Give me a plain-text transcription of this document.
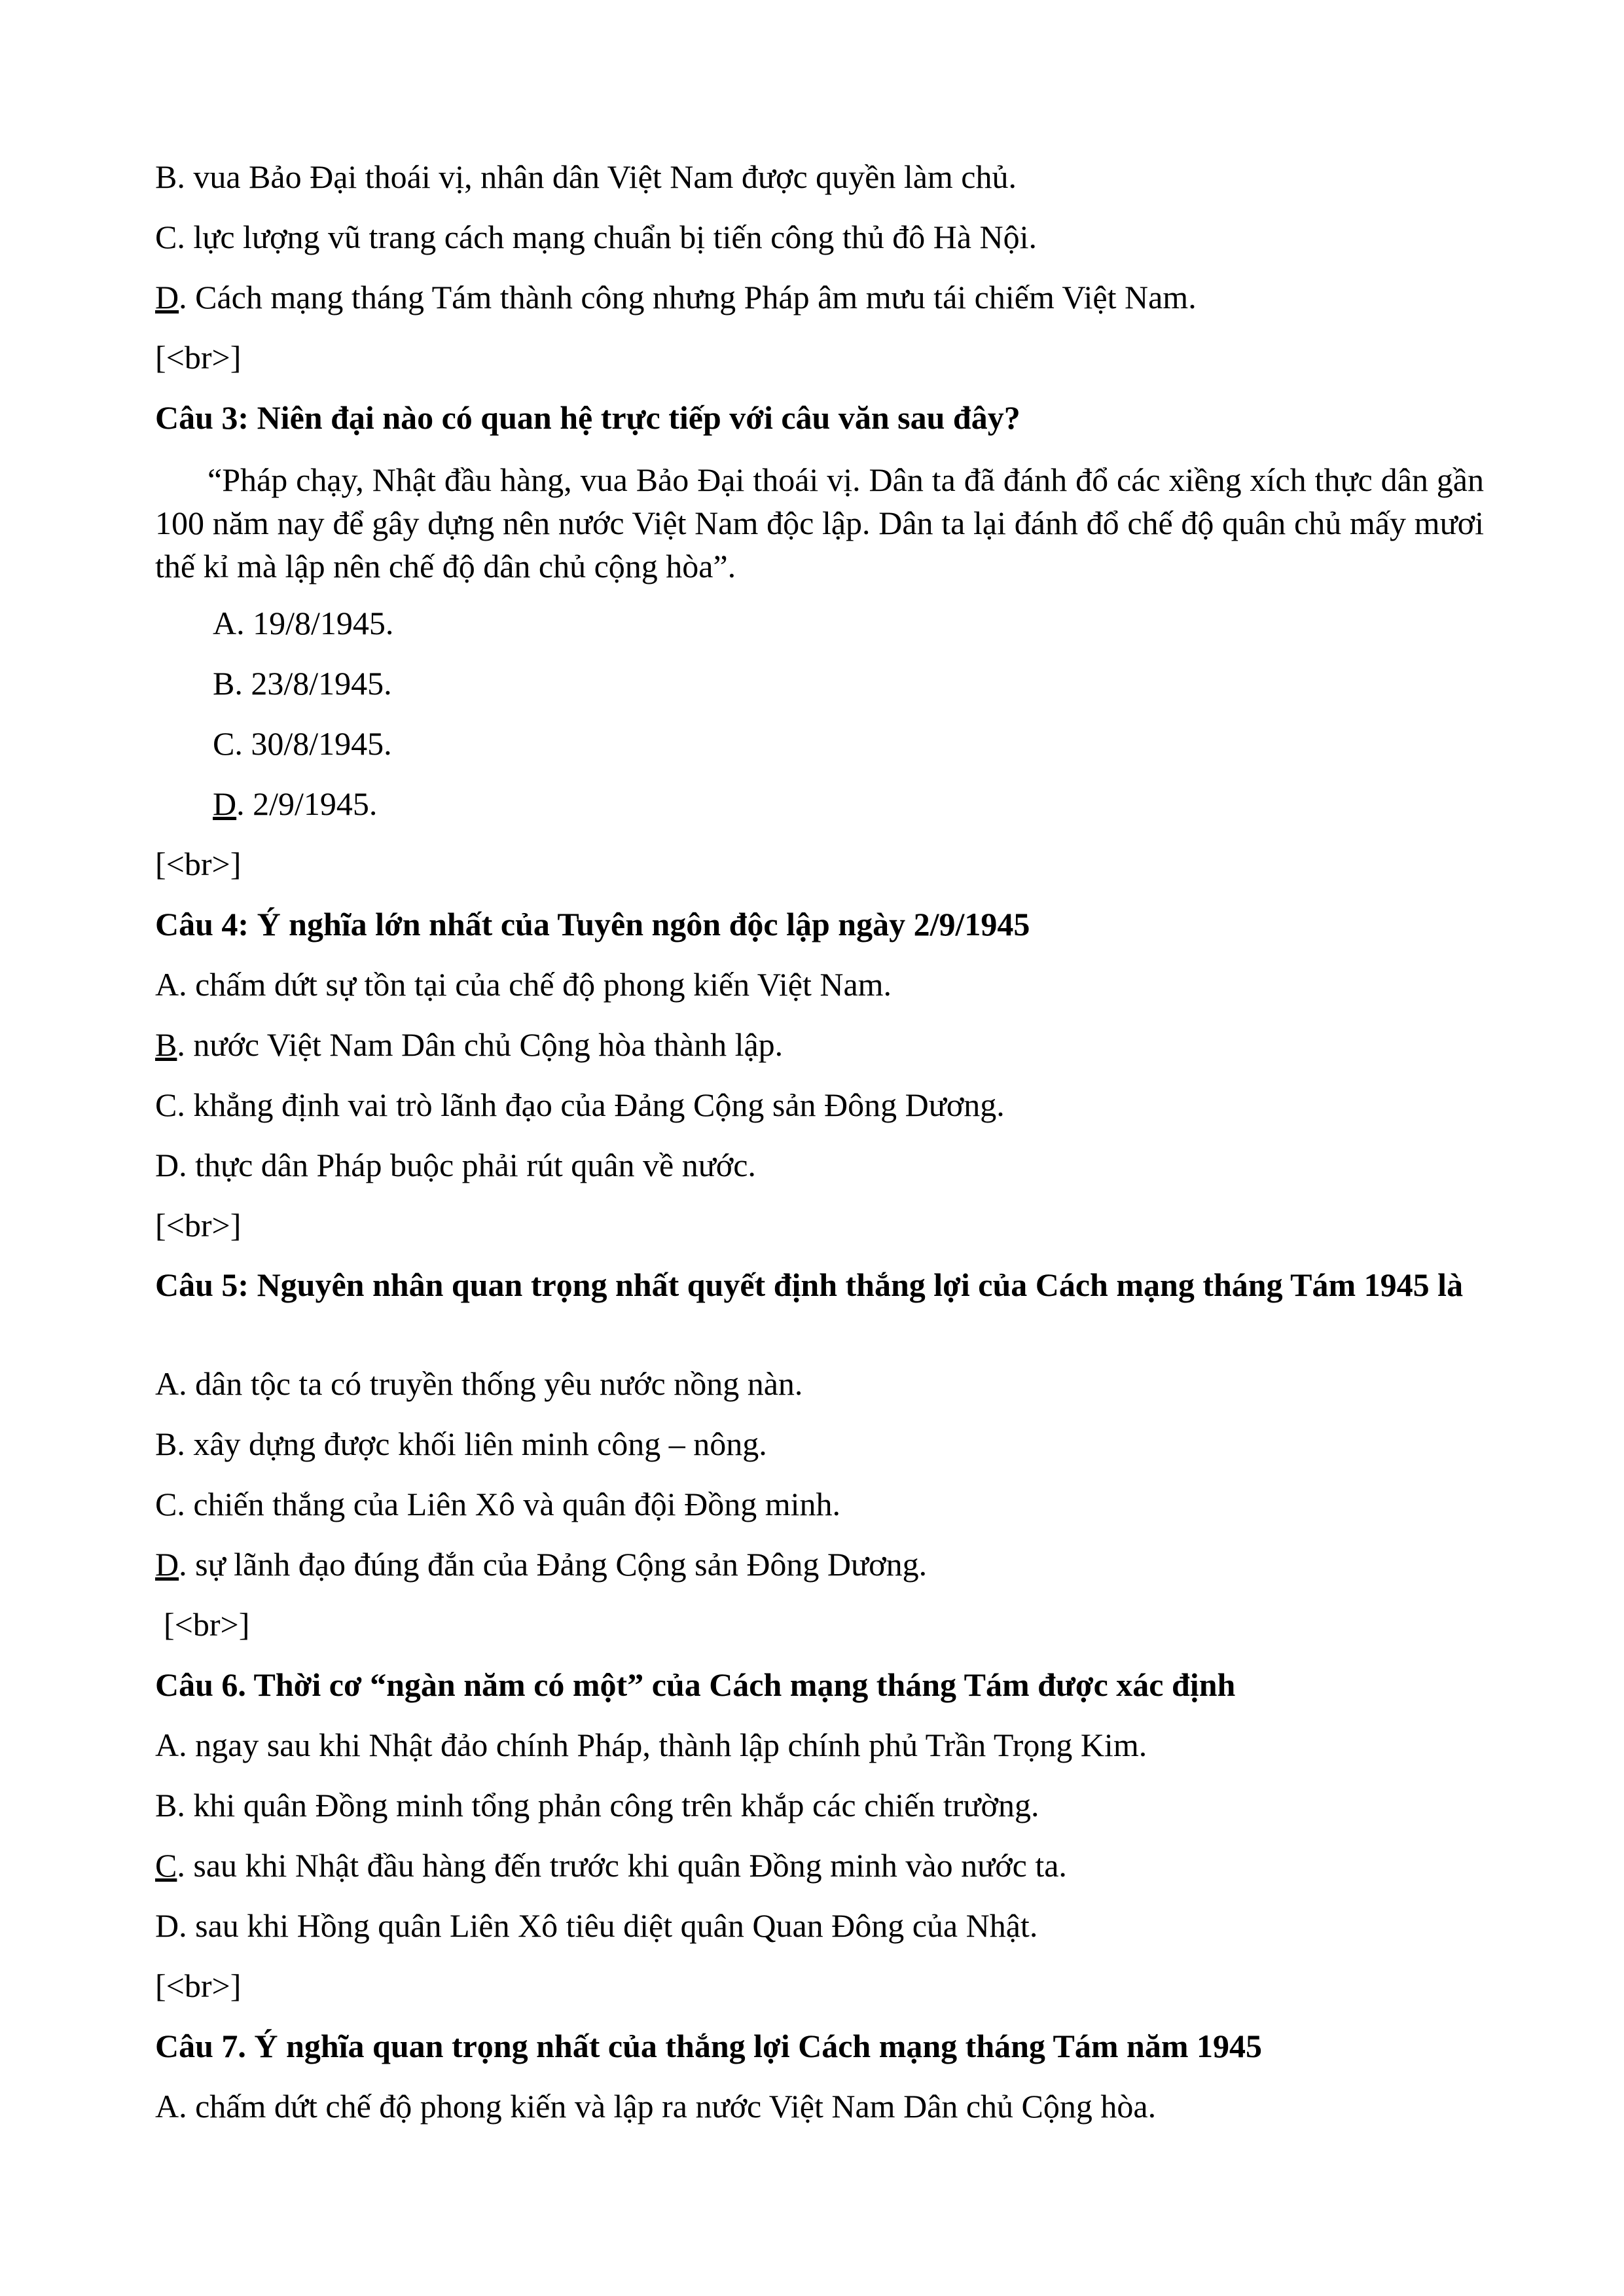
B. vua Bảo Đại thoái vị, nhân dân Việt Nam được quyền làm chủ.
C. lực lượng vũ trang cách mạng chuẩn bị tiến công thủ đô Hà Nội.
D. Cách mạng tháng Tám thành công nhưng Pháp âm mưu tái chiếm Việt Nam.
[<br>]
Câu 3: Niên đại nào có quan hệ trực tiếp với câu văn sau đây?
“Pháp chạy, Nhật đầu hàng, vua Bảo Đại thoái vị. Dân ta đã đánh đổ các xiềng xích thực dân gần 100 năm nay để gây dựng nên nước Việt Nam độc lập. Dân ta lại đánh đổ chế độ quân chủ mấy mươi thế kỉ mà lập nên chế độ dân chủ cộng hòa”.
A. 19/8/1945.
B. 23/8/1945.
C. 30/8/1945.
D. 2/9/1945.
[<br>]
Câu 4: Ý nghĩa lớn nhất của Tuyên ngôn độc lập ngày 2/9/1945
A. chấm dứt sự tồn tại của chế độ phong kiến Việt Nam.
B. nước Việt Nam Dân chủ Cộng hòa thành lập.
C. khẳng định vai trò lãnh đạo của Đảng Cộng sản Đông Dương.
D. thực dân Pháp buộc phải rút quân về nước.
[<br>]
Câu 5: Nguyên nhân quan trọng nhất quyết định thắng lợi của Cách mạng tháng Tám 1945 là
A. dân tộc ta có truyền thống yêu nước nồng nàn.
B. xây dựng được khối liên minh công – nông.
C. chiến thắng của Liên Xô và quân đội Đồng minh.
D. sự lãnh đạo đúng đắn của Đảng Cộng sản Đông Dương.
[<br>]
Câu 6. Thời cơ “ngàn năm có một” của Cách mạng tháng Tám được xác định
A. ngay sau khi Nhật đảo chính Pháp, thành lập chính phủ Trần Trọng Kim.
B. khi quân Đồng minh tổng phản công trên khắp các chiến trường.
C. sau khi Nhật đầu hàng đến trước khi quân Đồng minh vào nước ta.
D. sau khi Hồng quân Liên Xô tiêu diệt quân Quan Đông của Nhật.
[<br>]
Câu 7. Ý nghĩa quan trọng nhất của thắng lợi Cách mạng tháng Tám năm 1945
A. chấm dứt chế độ phong kiến và lập ra nước Việt Nam Dân chủ Cộng hòa.
